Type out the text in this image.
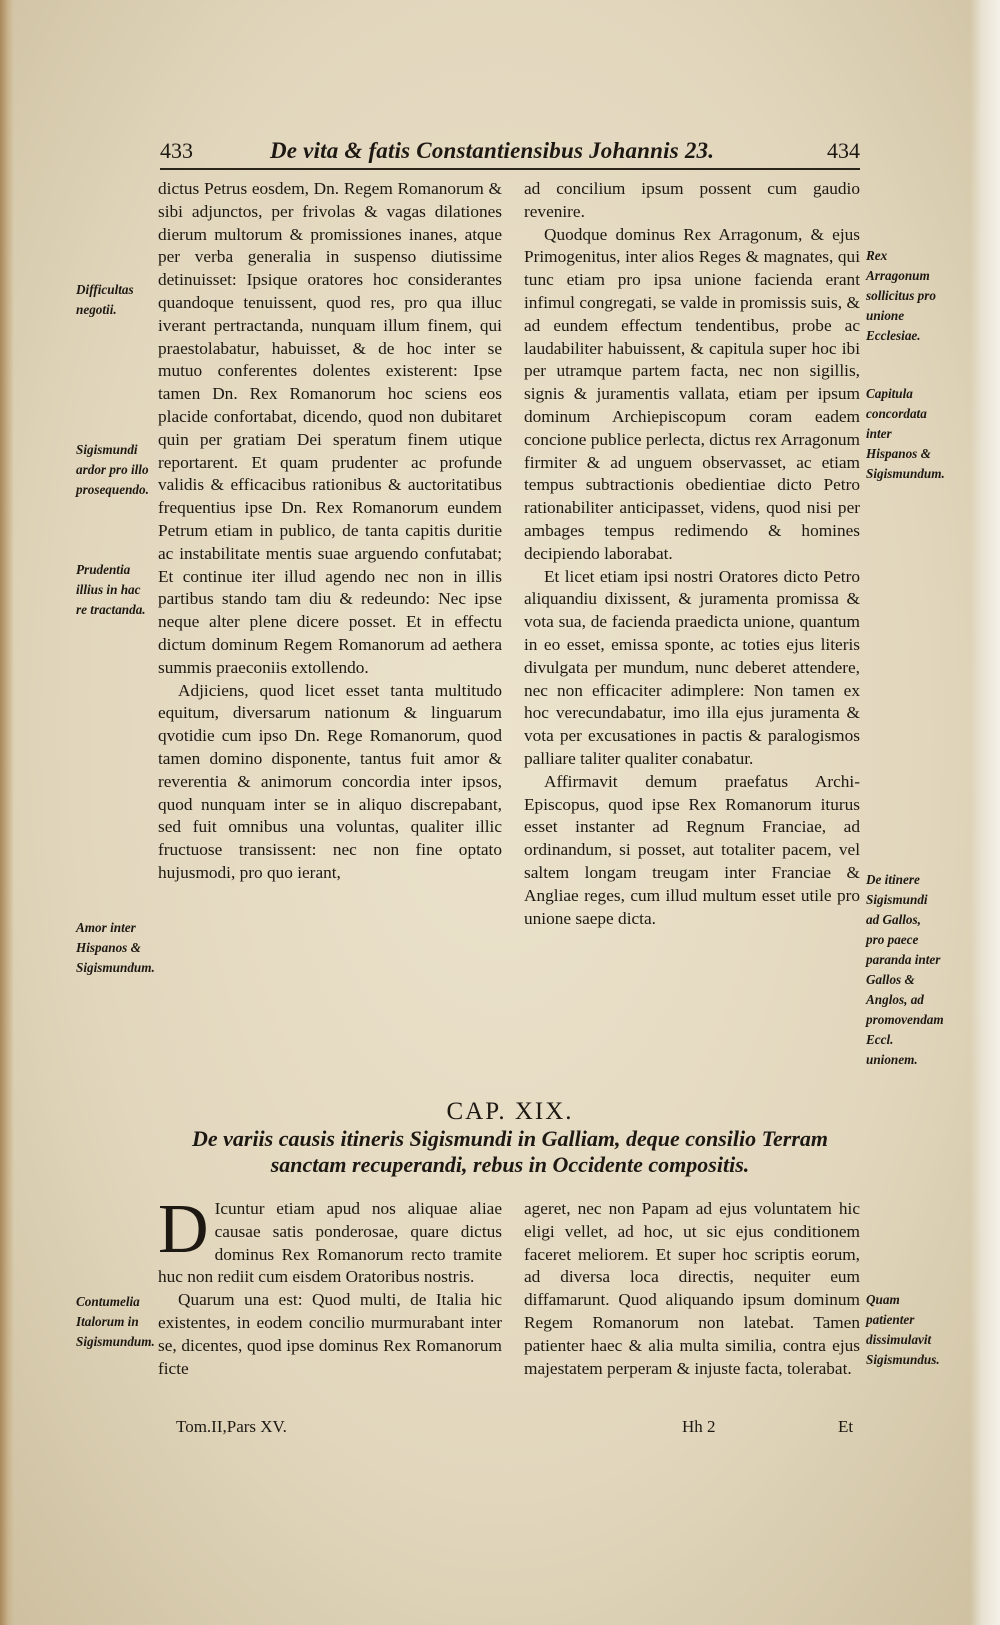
433	De vita & fatis Constantiensibus Johannis 23.	434

dictus Petrus eosdem, Dn. Regem Romanorum & sibi adjunctos, per frivolas & vagas dilationes dierum multorum & promissiones inanes, atque per verba generalia in suspenso diutissime detinuisset: Ipsique oratores hoc considerantes quandoque tenuissent, quod res, pro qua illuc iverant pertractanda, nunquam illum finem, qui praestolabatur, habuisset, & de hoc inter se mutuo conferentes dolentes existerent: Ipse tamen Dn. Rex Romanorum hoc sciens eos placide confortabat, dicendo, quod non dubitaret quin per gratiam Dei speratum finem utique reportarent. Et quam prudenter ac profunde validis & efficacibus rationibus & auctoritatibus frequentius ipse Dn. Rex Romanorum eundem Petrum etiam in publico, de tanta capitis duritie ac instabilitate mentis suae arguendo confutabat; Et continue iter illud agendo nec non in illis partibus stando tam diu & redeundo: Nec ipse neque alter plene dicere posset. Et in effectu dictum dominum Regem Romanorum ad aethera summis praeconiis extollendo.

Adjiciens, quod licet esset tanta multitudo equitum, diversarum nationum & linguarum qvotidie cum ipso Dn. Rege Romanorum, quod tamen domino disponente, tantus fuit amor & reverentia & animorum concordia inter ipsos, quod nunquam inter se in aliquo discrepabant, sed fuit omnibus una voluntas, qualiter illic fructuose transissent: nec non fine optato hujusmodi, pro quo ierant,

ad concilium ipsum possent cum gaudio revenire.

Quodque dominus Rex Arragonum, & ejus Primogenitus, inter alios Reges & magnates, qui tunc etiam pro ipsa unione facienda erant infimul congregati, se valde in promissis suis, & ad eundem effectum tendentibus, probe ac laudabiliter habuissent, & capitula super hoc ibi per utramque partem facta, nec non sigillis, signis & juramentis vallata, etiam per ipsum dominum Archiepiscopum coram eadem concione publice perlecta, dictus rex Arragonum firmiter & ad unguem observasset, ac etiam tempus subtractionis obedientiae dicto Petro rationabiliter anticipasset, videns, quod nisi per ambages tempus redimendo & homines decipiendo laborabat.

Et licet etiam ipsi nostri Oratores dicto Petro aliquandiu dixissent, & juramenta promissa & vota sua, de facienda praedicta unione, quantum in eo esset, emissa sponte, ac toties ejus literis divulgata per mundum, nunc deberet attendere, nec non efficaciter adimplere: Non tamen ex hoc verecundabatur, imo illa ejus juramenta & vota per excusationes in pactis & paralogismos palliare taliter qualiter conabatur.

Affirmavit demum praefatus Archi-Episcopus, quod ipse Rex Romanorum iturus esset instanter ad Regnum Franciae, ad ordinandum, si posset, aut totaliter pacem, vel saltem longam treugam inter Franciae & Angliae reges, cum illud multum esset utile pro unione saepe dicta.

Difficultas negotii.
Sigismundi ardor pro illo prosequendo.
Prudentia illius in hac re tractanda.
Amor inter Hispanos & Sigismundum.
Contumelia Italorum in Sigismundum.
Rex Arragonum sollicitus pro unione Ecclesiae.
Capitula concordata inter Hispanos & Sigismundum.
De itinere Sigismundi ad Gallos, pro paece paranda inter Gallos & Anglos, ad promovendam Eccl. unionem.
Quam patienter dissimulavit Sigismundus.
CAP. XIX.
De variis causis itineris Sigismundi in Galliam, deque consilio Terram sanctam recuperandi, rebus in Occidente compositis.

D Icuntur etiam apud nos aliquae aliae causae satis ponderosae, quare dictus dominus Rex Romanorum recto tramite huc non rediit cum eisdem Oratoribus nostris.

Quarum una est: Quod multi, de Italia hic existentes, in eodem concilio murmurabant inter se, dicentes, quod ipse dominus Rex Romanorum ficte

ageret, nec non Papam ad ejus voluntatem hic eligi vellet, ad hoc, ut sic ejus conditionem faceret meliorem. Et super hoc scriptis eorum, ad diversa loca directis, nequiter eum diffamarunt. Quod aliquando ipsum dominum Regem Romanorum non latebat. Tamen patienter haec & alia multa similia, contra ejus majestatem perperam & injuste facta, tolerabat.

Tom.II,Pars XV.	Hh 2	Et
